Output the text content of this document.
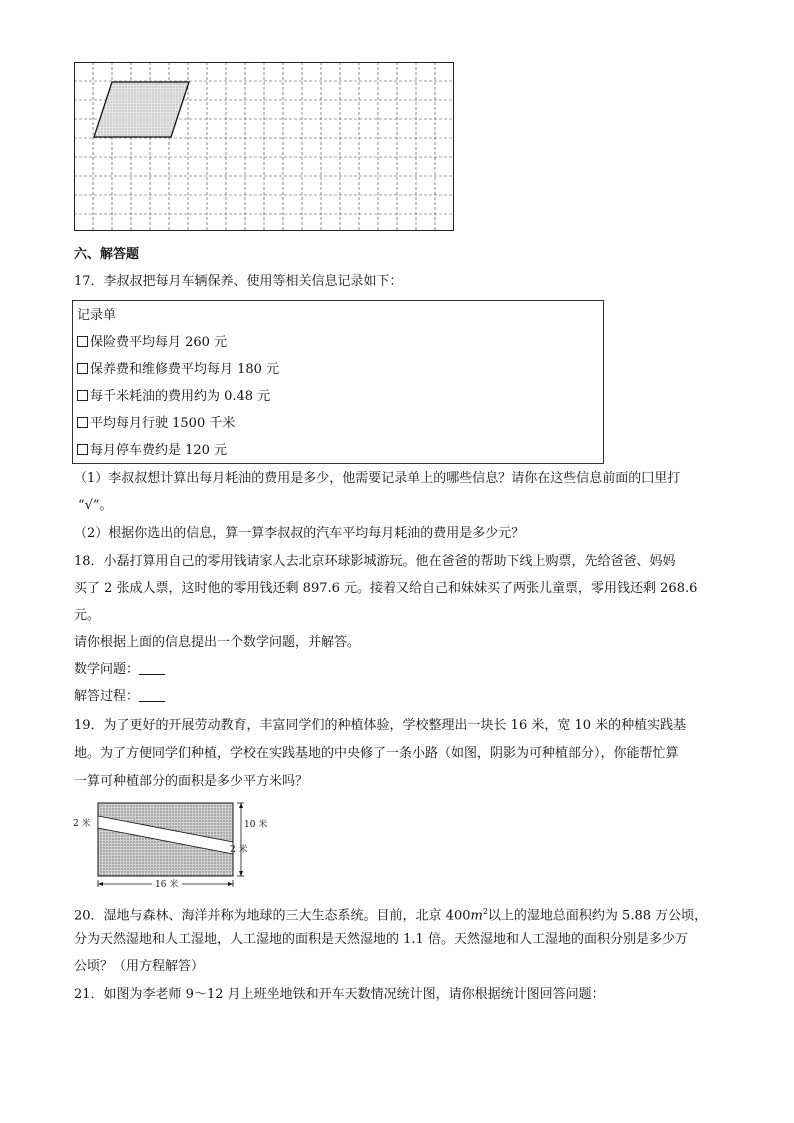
六、解答题
17．李叔叔把每月车辆保养、使用等相关信息记录如下：
记录单
保险费平均每月 260 元
保养费和维修费平均每月 180 元
每千米耗油的费用约为 0.48 元
平均每月行驶 1500 千米
每月停车费约是 120 元
（1）李叔叔想计算出每月耗油的费用是多少，他需要记录单上的哪些信息？请你在这些信息前面的囗里打
“√”。
（2）根据你选出的信息，算一算李叔叔的汽车平均每月耗油的费用是多少元？
18．小磊打算用自己的零用钱请家人去北京环球影城游玩。他在爸爸的帮助下线上购票，先给爸爸、妈妈
买了 2 张成人票，这时他的零用钱还剩 897.6 元。接着又给自己和妹妹买了两张儿童票，零用钱还剩 268.6
元。
请你根据上面的信息提出一个数学问题，并解答。
数学问题：
解答过程：
19．为了更好的开展劳动教育，丰富同学们的种植体验，学校整理出一块长 16 米，宽 10 米的种植实践基
地。为了方便同学们种植，学校在实践基地的中央修了一条小路（如图，阴影为可种植部分），你能帮忙算
一算可种植部分的面积是多少平方米吗？
2 米	10 米
2 米
16 米
20．湿地与森林、海洋并称为地球的三大生态系统。目前，北京 $400m^2$以上的湿地总面积约为 5.88 万公顷，
分为天然湿地和人工湿地，人工湿地的面积是天然湿地的 1.1 倍。天然湿地和人工湿地的面积分别是多少万
公顷？（用方程解答）
21．如图为李老师 9～12 月上班坐地铁和开车天数情况统计图，请你根据统计图回答问题：
